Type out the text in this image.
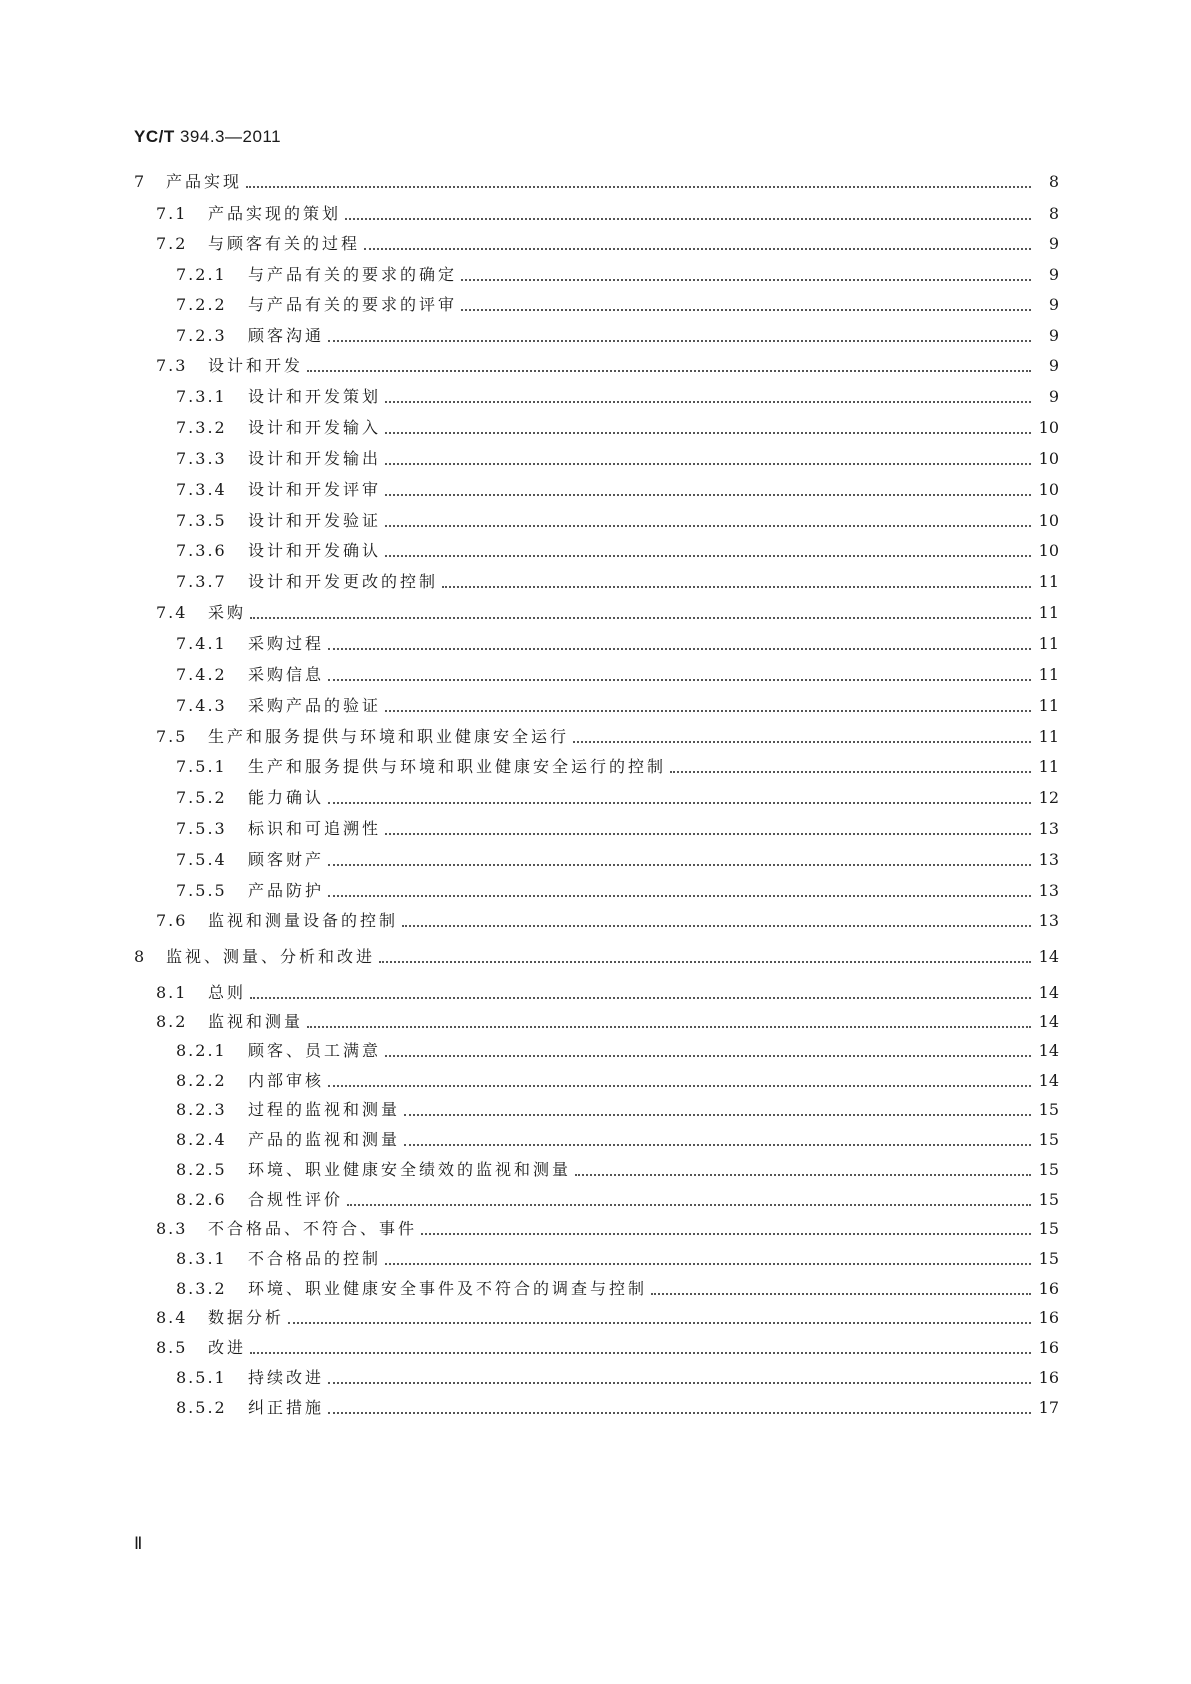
YC/T 394.3—2011
7	产品实现	8
7.1	产品实现的策划	8
7.2	与顾客有关的过程	9
7.2.1	与产品有关的要求的确定	9
7.2.2	与产品有关的要求的评审	9
7.2.3	顾客沟通	9
7.3	设计和开发	9
7.3.1	设计和开发策划	9
7.3.2	设计和开发输入	10
7.3.3	设计和开发输出	10
7.3.4	设计和开发评审	10
7.3.5	设计和开发验证	10
7.3.6	设计和开发确认	10
7.3.7	设计和开发更改的控制	11
7.4	采购	11
7.4.1	采购过程	11
7.4.2	采购信息	11
7.4.3	采购产品的验证	11
7.5	生产和服务提供与环境和职业健康安全运行	11
7.5.1	生产和服务提供与环境和职业健康安全运行的控制	11
7.5.2	能力确认	12
7.5.3	标识和可追溯性	13
7.5.4	顾客财产	13
7.5.5	产品防护	13
7.6	监视和测量设备的控制	13
8	监视、测量、分析和改进	14
8.1	总则	14
8.2	监视和测量	14
8.2.1	顾客、员工满意	14
8.2.2	内部审核	14
8.2.3	过程的监视和测量	15
8.2.4	产品的监视和测量	15
8.2.5	环境、职业健康安全绩效的监视和测量	15
8.2.6	合规性评价	15
8.3	不合格品、不符合、事件	15
8.3.1	不合格品的控制	15
8.3.2	环境、职业健康安全事件及不符合的调查与控制	16
8.4	数据分析	16
8.5	改进	16
8.5.1	持续改进	16
8.5.2	纠正措施	17
Ⅱ
